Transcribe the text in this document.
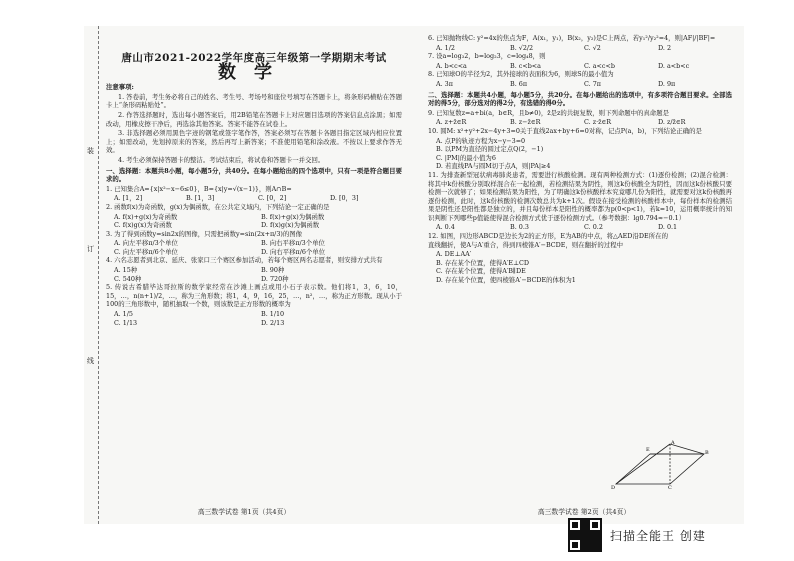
装
订
线
唐山市2021-2022学年度高三年级第一学期期末考试
数学
注意事项:

1. 答卷前，考生务必将自己的姓名、考生号、考场号和座位号填写在答题卡上，将条形码横贴在答题卡上“条形码粘贴处”。

2. 作答选择题时，选出每小题答案后，用2B铅笔在答题卡上对应题目选项的答案信息点涂黑；如需改动，用橡皮擦干净后，再选涂其他答案。答案不能答在试卷上。

3. 非选择题必须用黑色字迹的钢笔或签字笔作答，答案必须写在答题卡各题目指定区域内相应位置上；如需改动，先划掉原来的答案，然后再写上新答案；不准使用铅笔和涂改液。不按以上要求作答无效。

4. 考生必须保持答题卡的整洁。考试结束后，将试卷和答题卡一并交回。

一、选择题：本题共8小题，每小题5分，共40分。在每小题给出的四个选项中，只有一项是符合题目要求的。

1. 已知集合A={x|x²−x−6≤0}，B={x|y=√(x−1)}，则A∩B=

A. [1，2]	B. [1，3]	C. [0，2]	D. [0，3]

2. 函数f(x)为奇函数，g(x)为偶函数，在公共定义域内，下列结论一定正确的是

A. f(x)+g(x)为奇函数	B. f(x)+g(x)为偶函数
C. f(x)g(x)为奇函数	D. f(x)g(x)为偶函数

3. 为了得到函数y=sin2x的图像，只需把函数y=sin(2x+π/3)的图像

A. 向左平移π/3个单位	B. 向右平移π/3个单位
C. 向左平移π/6个单位	D. 向右平移π/6个单位

4. 六名志愿者到北京、延庆、张家口三个赛区参加活动，若每个赛区两名志愿者，则安排方式共有

A. 15种	B. 90种
C. 540种	D. 720种

5. 传说古希腊毕达哥拉斯的数学家经常在沙滩上画点或用小石子表示数。他们将1，3，6，10，15，…，n(n+1)/2，…，称为三角形数；将1，4，9，16，25，…，n²，…，称为正方形数。现从小于100的三角形数中，随机抽取一个数，则该数是正方形数的概率为

A. 1/5	B. 1/10
C. 1/13	D. 2/13

6. 已知抛物线C: y²=4x的焦点为F，A(x₁，y₁)，B(x₂，y₂)是C上两点，若y₁²/y₂²=4，则|AF|/|BF|=

A. 1/2	B. √2/2	C. √2	D. 2

7. 设a=log₃2，b=log₂3，c=log₄8，则

A. b<c<a	B. c<b<a	C. a<c<b	D. a<b<c

8. 已知球O的半径为2，其外接球的表面积为6，则球S的最小值为

A. 3π	B. 6π	C. 7π	D. 9π

二、选择题：本题共4小题，每小题5分，共20分。在每小题给出的选项中，有多项符合题目要求。全部选对的得5分，部分选对的得2分，有选错的得0分。

9. 已知复数z=a+bi(a，b∈R，且b≠0)，z̄是z的共轭复数，则下列命题中的真命题是

A. z+z̄∈R	B. z−z̄∈R	C. z·z̄∈R	D. z/z̄∈R

10. 圆M: x²+y²+2x−4y+3=0关于直线2ax+by+6=0对称，记点P(a，b)，下列结论正确的是

A. 点P的轨迹方程为x−y−3=0
B. 以PM为直径的圆过定点Q(2，−1)
C. |PM|的最小值为6
D. 若直线PA与圆M切于点A，则|PA|≥4

11. 为排查新型冠状病毒肺炎患者，需要进行核酸检测。现有两种检测方式：(1)逐份检测；(2)混合检测：将其中k份核酸分别取样混合在一起检测，若检测结果为阴性，则这k份核酸全为阴性，因而这k份核酸只要检测一次就够了；如果检测结果为阳性，为了明确这k份核酸样本究竟哪几份为阳性，就需要对这k份核酸再逐份检测，此时，这k份核酸的检测次数总共为k+1次。假设在接受检测的核酸样本中，每份样本的检测结果是阴性还是阳性都是独立的，并且每份样本是阳性的概率都为p(0<p<1)，若k=10，运用概率统计的知识判断下列哪些p值能使得混合检测方式优于逐份检测方式。（参考数据：lg0.794≈−0.1）

A. 0.4	B. 0.3	C. 0.2	D. 0.1

12. 如图，四边形ABCD是边长为2的正方形，E为AB的中点，将△AED沿DE所在的直线翻折，使A与A′重合，得到四棱锥A′−BCDE，则在翻折的过程中

A. DE⊥AA′
B. 存在某个位置，使得A′E⊥CD
C. 存在某个位置，使得A′B∥DE
D. 存在某个位置，使四棱锥A′−BCDE的体积为1
高三数学试卷 第1页（共4页）	高三数学试卷 第2页（共4页）
D	C
B
E
A
扫描全能王 创建
